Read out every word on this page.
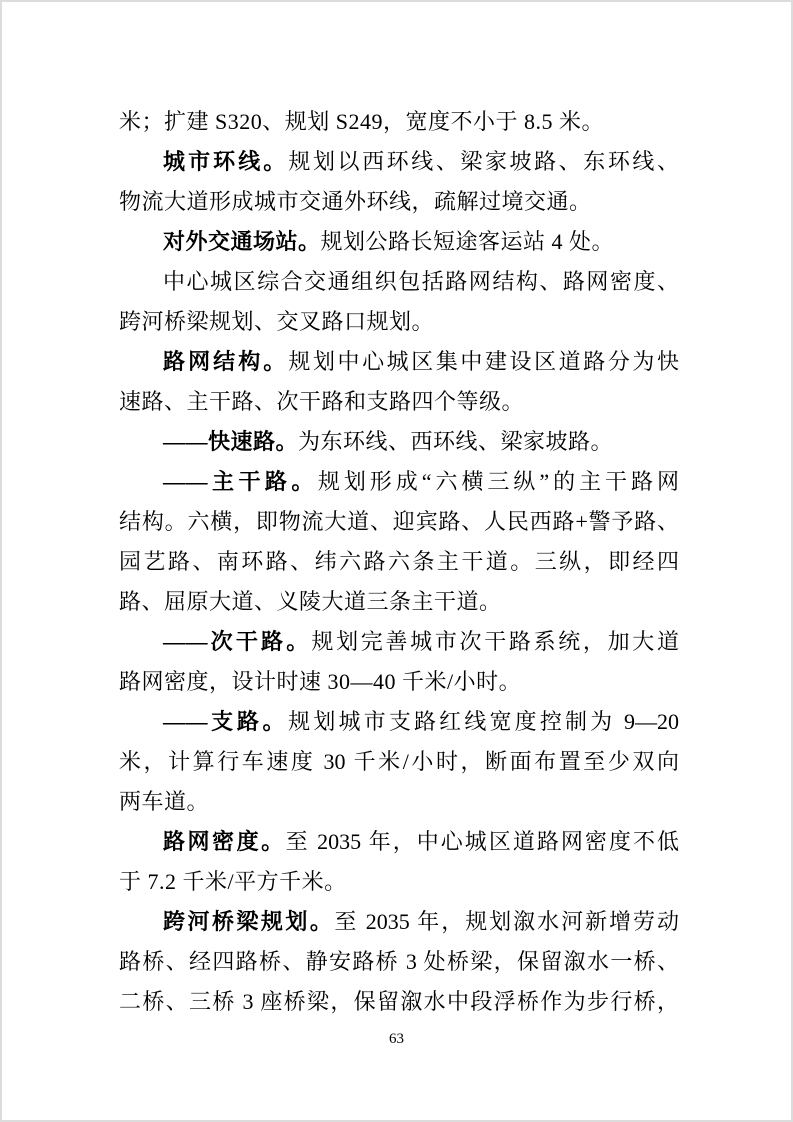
米；扩建 S320、规划 S249，宽度不小于 8.5 米。
城市环线。规划以西环线、梁家坡路、东环线、
物流大道形成城市交通外环线，疏解过境交通。
对外交通场站。规划公路长短途客运站 4 处。
中心城区综合交通组织包括路网结构、路网密度、
跨河桥梁规划、交叉路口规划。
路网结构。规划中心城区集中建设区道路分为快
速路、主干路、次干路和支路四个等级。
——快速路。为东环线、西环线、梁家坡路。
——主干路。规划形成“六横三纵”的主干路网
结构。六横，即物流大道、迎宾路、人民西路+警予路、
园艺路、南环路、纬六路六条主干道。三纵，即经四
路、屈原大道、义陵大道三条主干道。
——次干路。规划完善城市次干路系统，加大道
路网密度，设计时速 30—40 千米/小时。
——支路。规划城市支路红线宽度控制为 9—20
米，计算行车速度 30 千米/小时，断面布置至少双向
两车道。
路网密度。至 2035 年，中心城区道路网密度不低
于 7.2 千米/平方千米。
跨河桥梁规划。至 2035 年，规划溆水河新增劳动
路桥、经四路桥、静安路桥 3 处桥梁，保留溆水一桥、
二桥、三桥 3 座桥梁，保留溆水中段浮桥作为步行桥，
63
